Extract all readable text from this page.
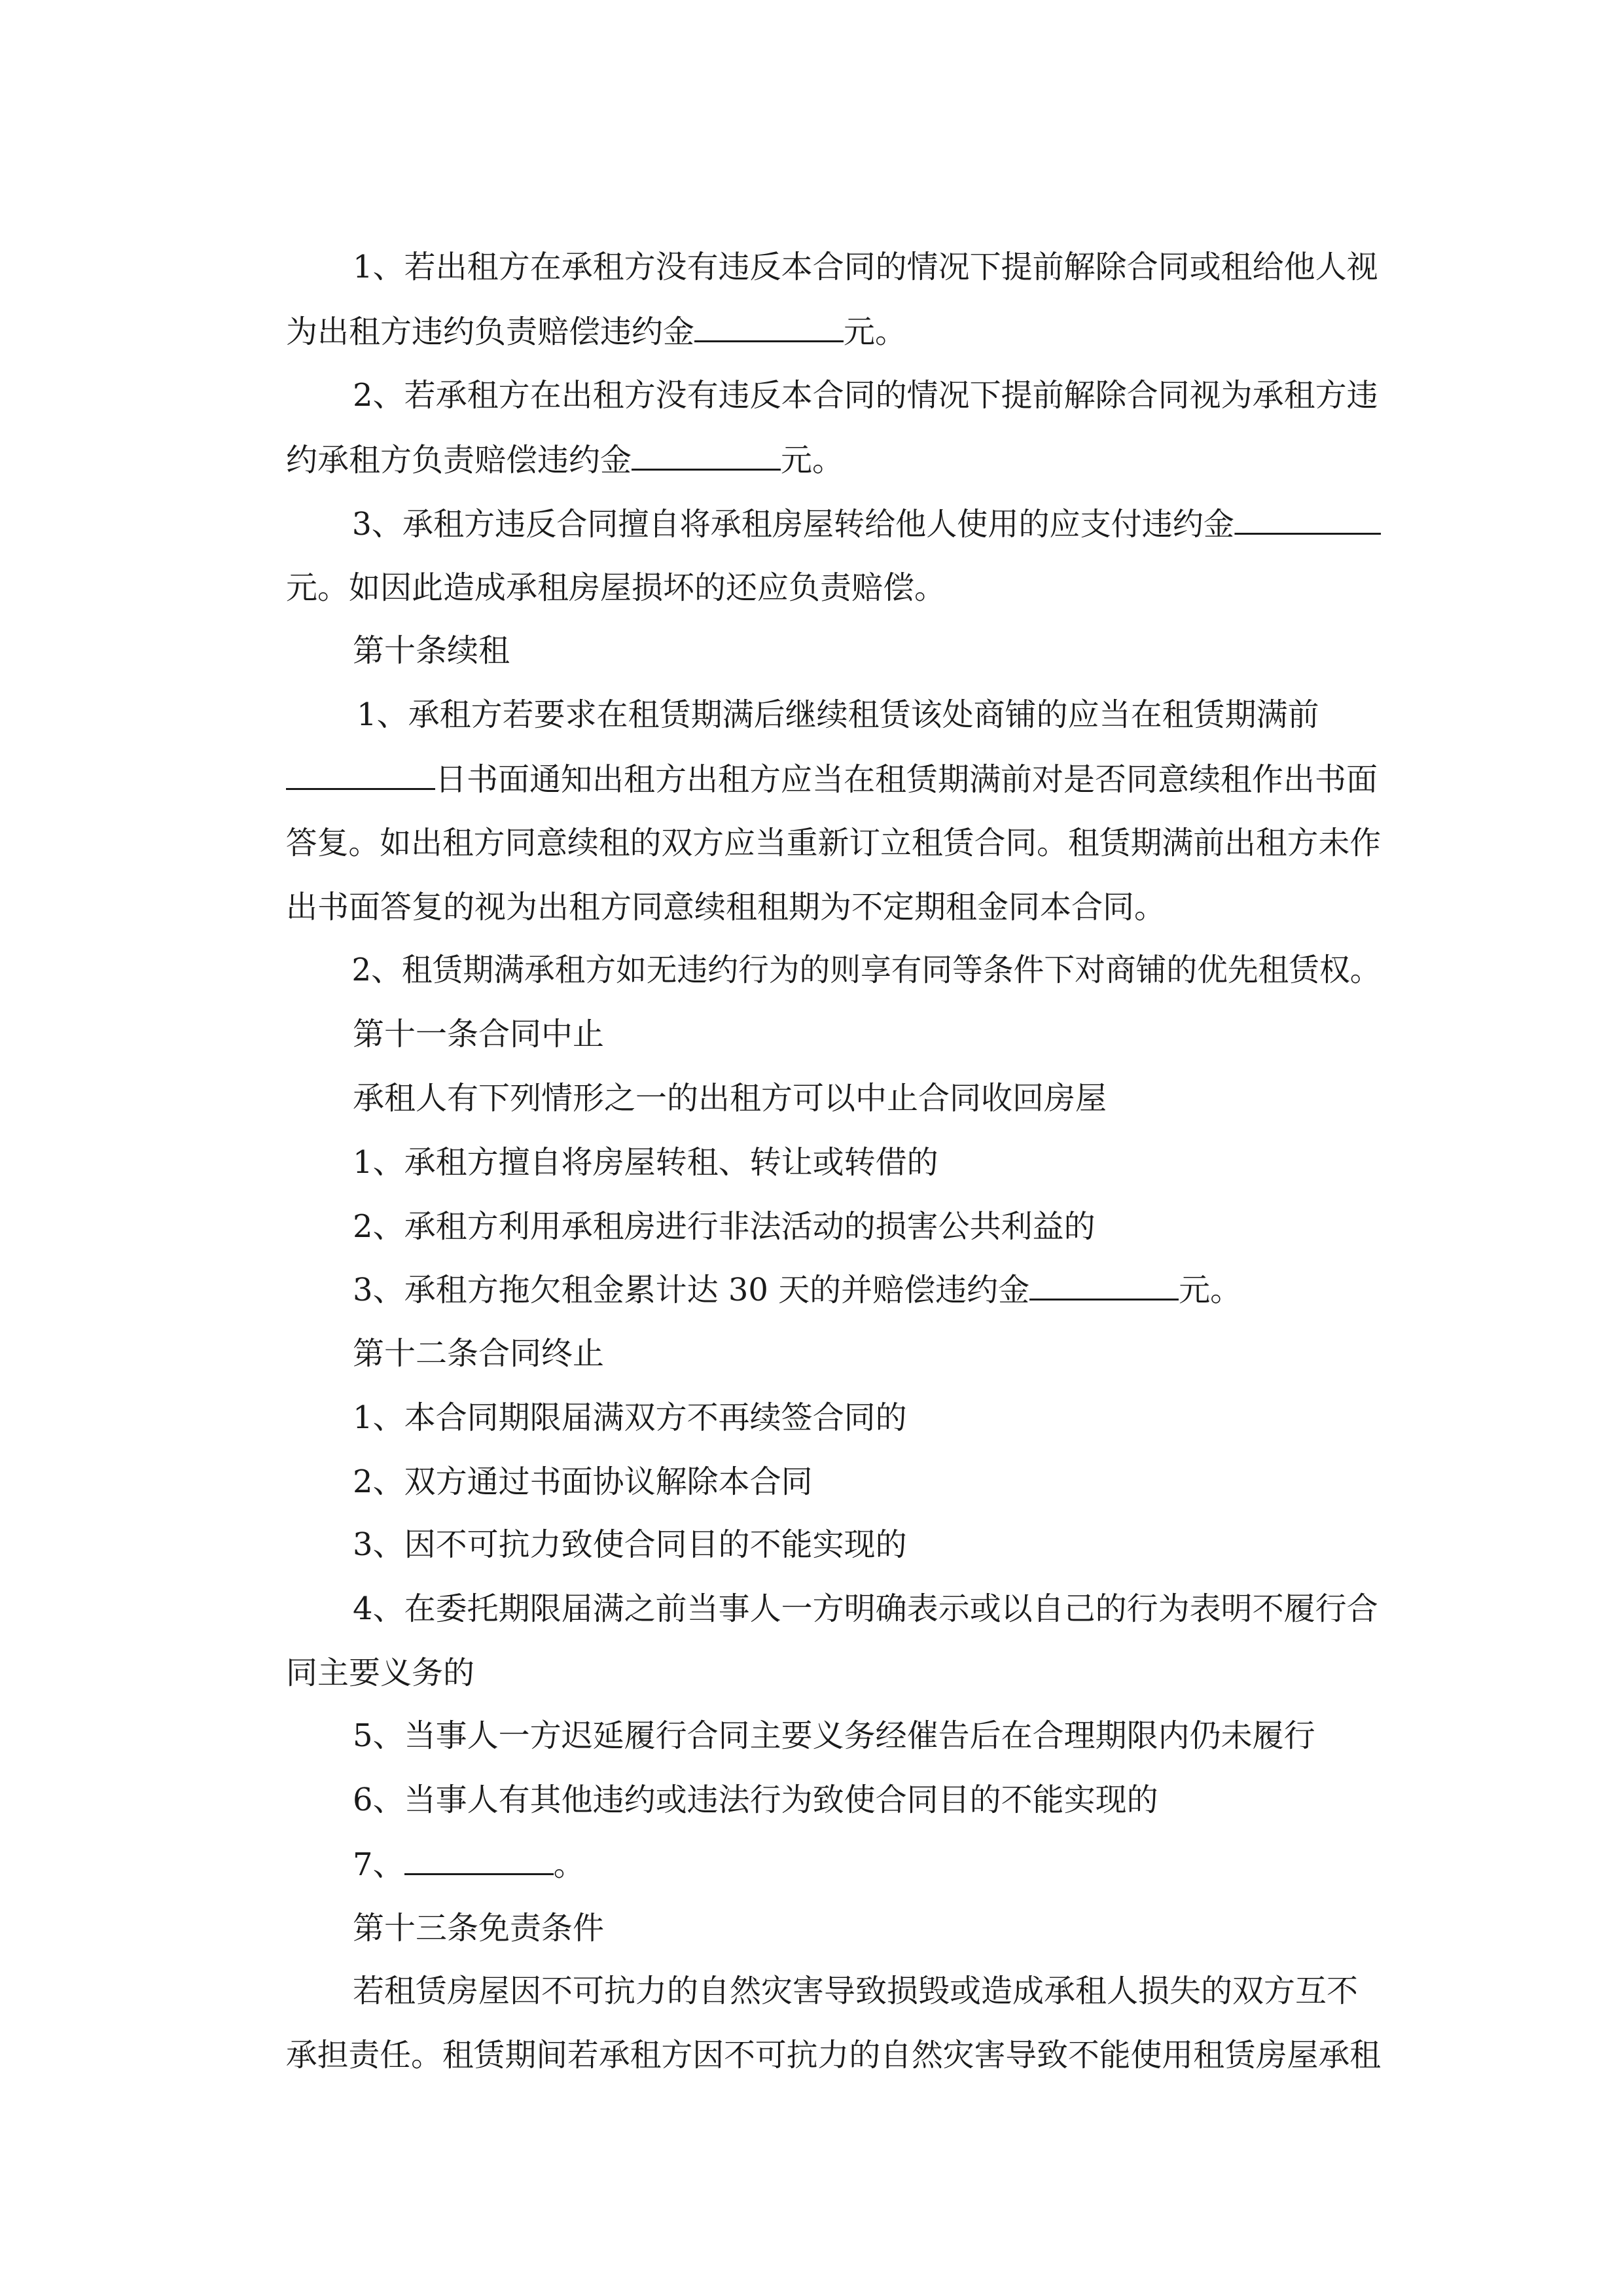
1、若出租方在承租方没有违反本合同的情况下提前解除合同或租给他人视

为出租方违约负责赔偿违约金	元。

2、若承租方在出租方没有违反本合同的情况下提前解除合同视为承租方违

约承租方负责赔偿违约金	元。

3、承租方违反合同擅自将承租房屋转给他人使用的应支付违约金

元。如因此造成承租房屋损坏的还应负责赔偿。

第十条续租

1、承租方若要求在租赁期满后继续租赁该处商铺的应当在租赁期满前

日书面通知出租方出租方应当在租赁期满前对是否同意续租作出书面

答复。如出租方同意续租的双方应当重新订立租赁合同。租赁期满前出租方未作

出书面答复的视为出租方同意续租租期为不定期租金同本合同。

2、租赁期满承租方如无违约行为的则享有同等条件下对商铺的优先租赁权。

第十一条合同中止

承租人有下列情形之一的出租方可以中止合同收回房屋

1、承租方擅自将房屋转租、转让或转借的

2、承租方利用承租房进行非法活动的损害公共利益的

3、承租方拖欠租金累计达 30 天的并赔偿违约金	元。

第十二条合同终止

1、本合同期限届满双方不再续签合同的

2、双方通过书面协议解除本合同

3、因不可抗力致使合同目的不能实现的

4、在委托期限届满之前当事人一方明确表示或以自己的行为表明不履行合

同主要义务的

5、当事人一方迟延履行合同主要义务经催告后在合理期限内仍未履行

6、当事人有其他违约或违法行为致使合同目的不能实现的

7、	。

第十三条免责条件

若租赁房屋因不可抗力的自然灾害导致损毁或造成承租人损失的双方互不

承担责任。租赁期间若承租方因不可抗力的自然灾害导致不能使用租赁房屋承租
